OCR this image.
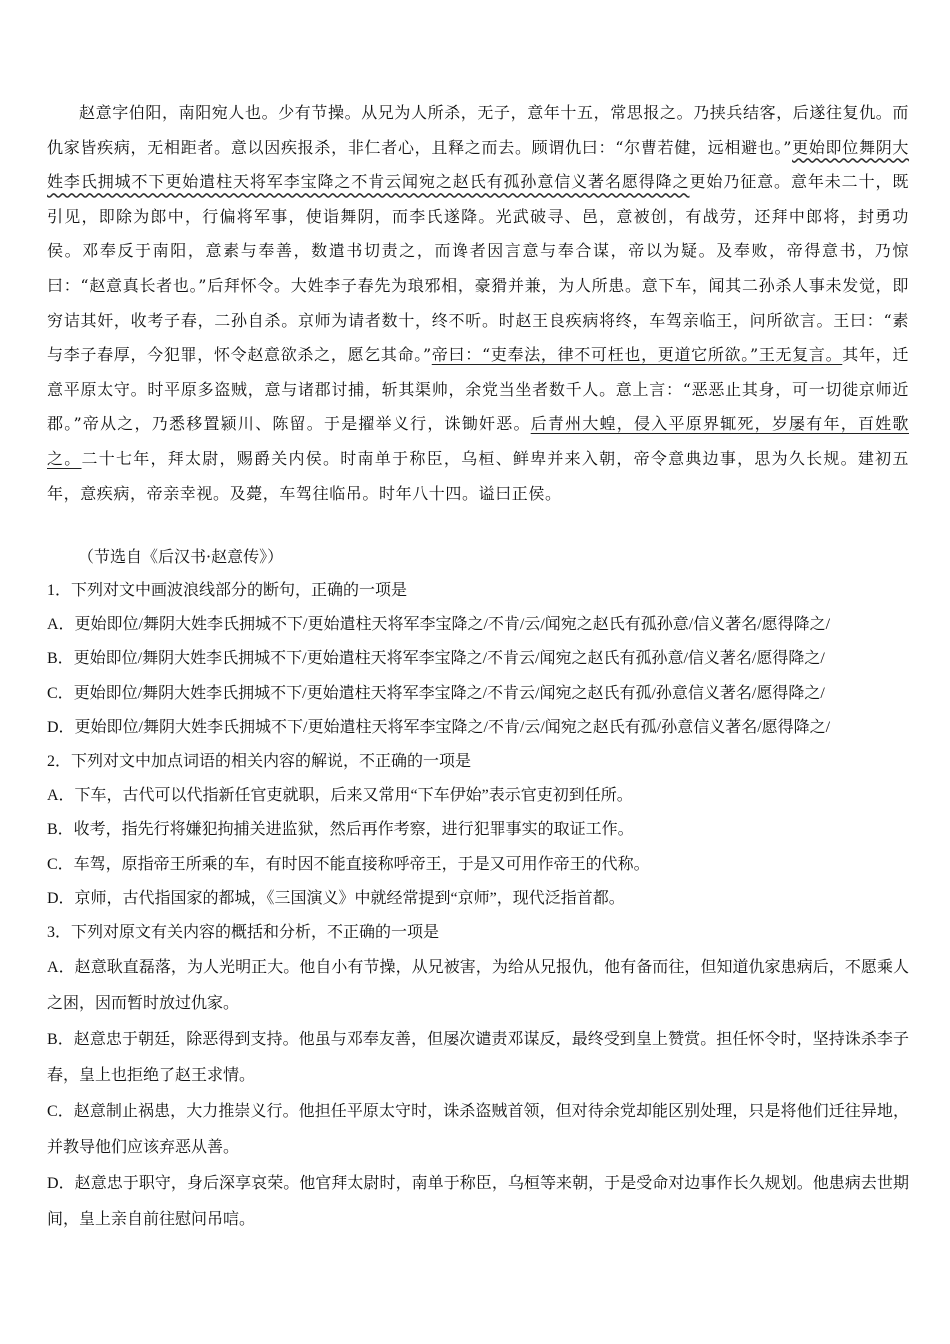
赵意字伯阳，南阳宛人也。少有节操。从兄为人所杀，无子，意年十五，常思报之。乃挟兵结客，后遂往复仇。而仇家皆疾病，无相距者。意以因疾报杀，非仁者心，且释之而去。顾谓仇曰：“尔曹若健，远相避也。”更始即位舞阴大姓李氏拥城不下更始遣柱天将军李宝降之不肯云闻宛之赵氏有孤孙意信义著名愿得降之更始乃征意。意年未二十，既引见，即除为郎中，行偏将军事，使诣舞阴，而李氏遂降。光武破寻、邑，意被创，有战劳，还拜中郎将，封勇功侯。邓奉反于南阳，意素与奉善，数遣书切责之，而谗者因言意与奉合谋，帝以为疑。及奉败，帝得意书，乃惊曰：“赵意真长者也。”后拜怀令。大姓李子春先为琅邪相，豪猾并兼，为人所患。意下车，闻其二孙杀人事未发觉，即穷诘其奸，收考子春，二孙自杀。京师为请者数十，终不听。时赵王良疾病将终，车驾亲临王，问所欲言。王曰：“素与李子春厚，今犯罪，怀令赵意欲杀之，愿乞其命。”帝曰：“吏奉法，律不可枉也，更道它所欲。”王无复言。其年，迁意平原太守。时平原多盗贼，意与诸郡讨捕，斩其渠帅，余党当坐者数千人。意上言：“恶恶止其身，可一切徙京师近郡。”帝从之，乃悉移置颍川、陈留。于是擢举义行，诛锄奸恶。后青州大蝗，侵入平原界辄死，岁屡有年，百姓歌之。二十七年，拜太尉，赐爵关内侯。时南单于称臣，乌桓、鲜卑并来入朝，帝令意典边事，思为久长规。建初五年，意疾病，帝亲幸视。及薨，车驾往临吊。时年八十四。谥曰正侯。

（节选自《后汉书·赵意传》）

1．下列对文中画波浪线部分的断句，正确的一项是

A．更始即位/舞阴大姓李氏拥城不下/更始遣柱天将军李宝降之/不肯/云/闻宛之赵氏有孤孙意/信义著名/愿得降之/

B．更始即位/舞阴大姓李氏拥城不下/更始遣柱天将军李宝降之/不肯云/闻宛之赵氏有孤孙意/信义著名/愿得降之/

C．更始即位/舞阴大姓李氏拥城不下/更始遣柱天将军李宝降之/不肯云/闻宛之赵氏有孤/孙意信义著名/愿得降之/

D．更始即位/舞阴大姓李氏拥城不下/更始遣柱天将军李宝降之/不肯/云/闻宛之赵氏有孤/孙意信义著名/愿得降之/

2．下列对文中加点词语的相关内容的解说，不正确的一项是

A．下车，古代可以代指新任官吏就职，后来又常用“下车伊始”表示官吏初到任所。

B．收考，指先行将嫌犯拘捕关进监狱，然后再作考察，进行犯罪事实的取证工作。

C．车驾，原指帝王所乘的车，有时因不能直接称呼帝王，于是又可用作帝王的代称。

D．京师，古代指国家的都城，《三国演义》中就经常提到“京师”，现代泛指首都。

3．下列对原文有关内容的概括和分析，不正确的一项是

A．赵意耿直磊落，为人光明正大。他自小有节操，从兄被害，为给从兄报仇，他有备而往，但知道仇家患病后，不愿乘人之困，因而暂时放过仇家。

B．赵意忠于朝廷，除恶得到支持。他虽与邓奉友善，但屡次谴责邓谋反，最终受到皇上赞赏。担任怀令时，坚持诛杀李子春，皇上也拒绝了赵王求情。

C．赵意制止祸患，大力推崇义行。他担任平原太守时，诛杀盗贼首领，但对待余党却能区别处理，只是将他们迁往异地，并教导他们应该弃恶从善。

D．赵意忠于职守，身后深享哀荣。他官拜太尉时，南单于称臣，乌桓等来朝，于是受命对边事作长久规划。他患病去世期间，皇上亲自前往慰问吊唁。
